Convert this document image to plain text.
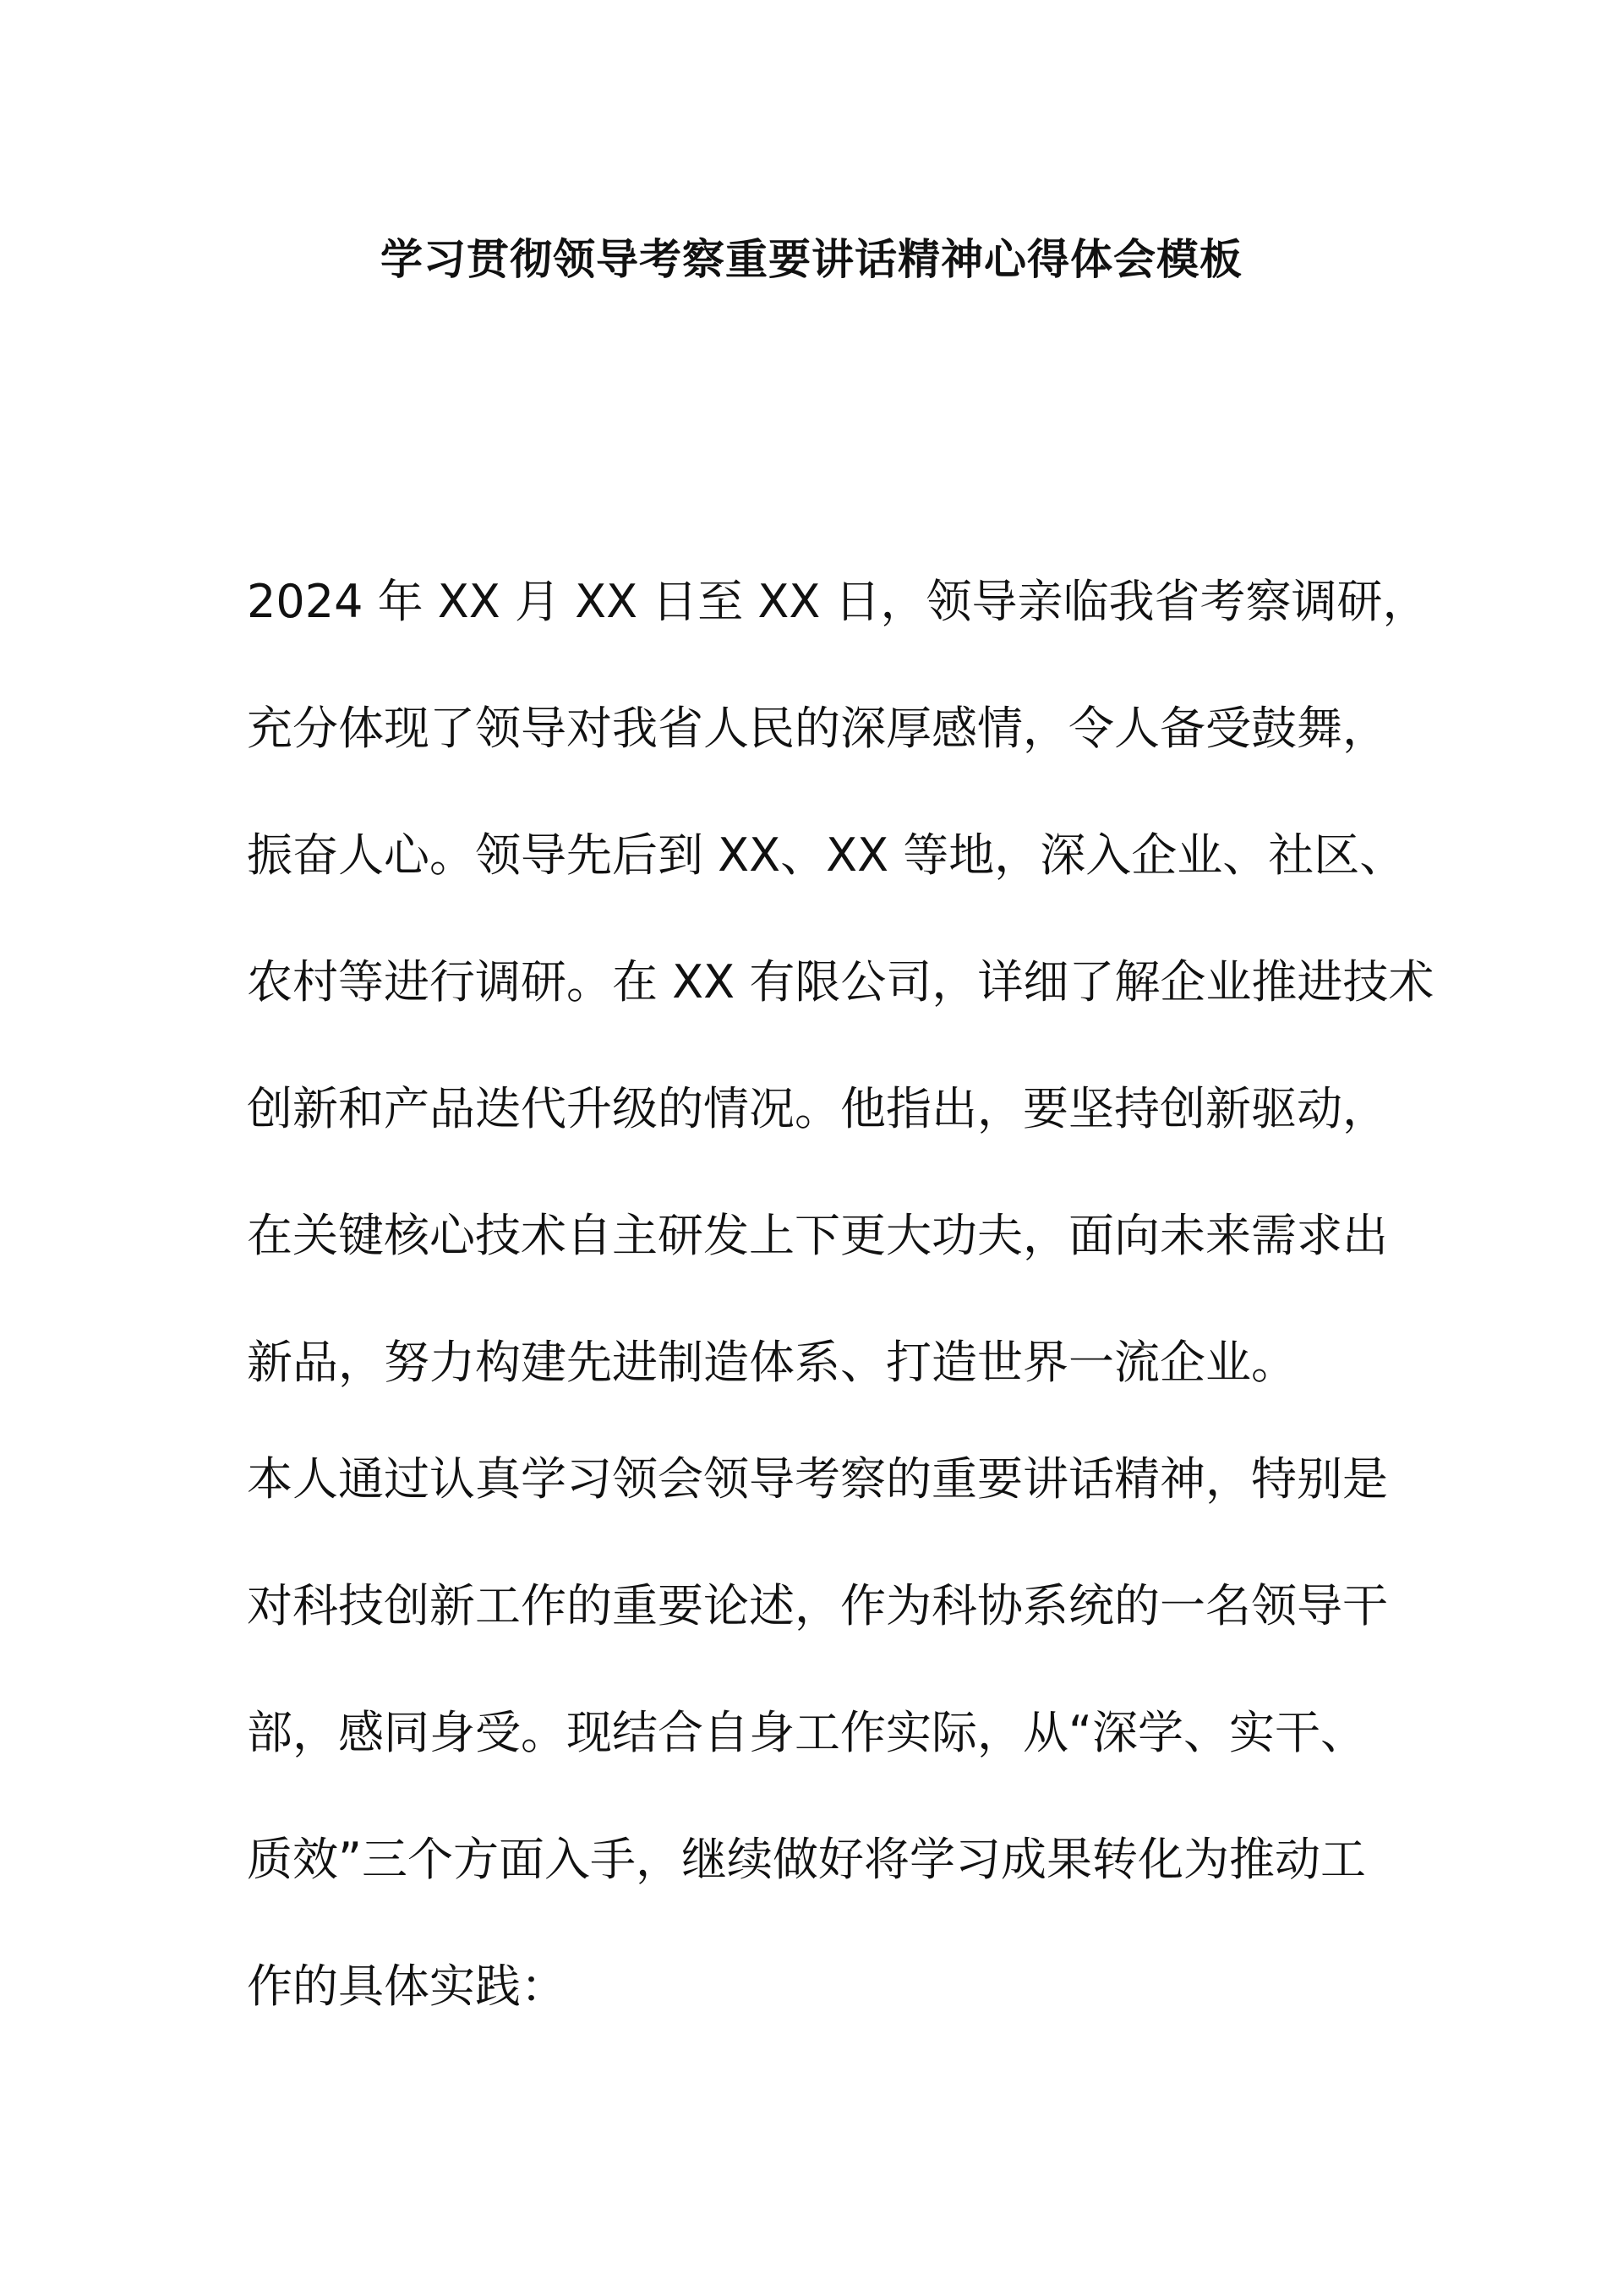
学习贯彻领导考察重要讲话精神心得体会模板
2024 年 XX 月 XX 日至 XX 日，领导亲临我省考察调研，
充分体现了领导对我省人民的深厚感情，令人备受鼓舞，
振奋人心。领导先后到 XX、XX 等地，深入企业、社区、
农村等进行调研。在 XX 有限公司，详细了解企业推进技术
创新和产品迭代升级的情况。他指出，要坚持创新驱动，
在关键核心技术自主研发上下更大功夫，面向未来需求出
新品，努力构建先进制造体系、打造世界一流企业。
本人通过认真学习领会领导考察的重要讲话精神，特别是
对科技创新工作的重要论述，作为科协系统的一名领导干
部，感同身受。现结合自身工作实际，从“深学、实干、
质效”三个方面入手，继续做好将学习成果转化为推动工
作的具体实践：
